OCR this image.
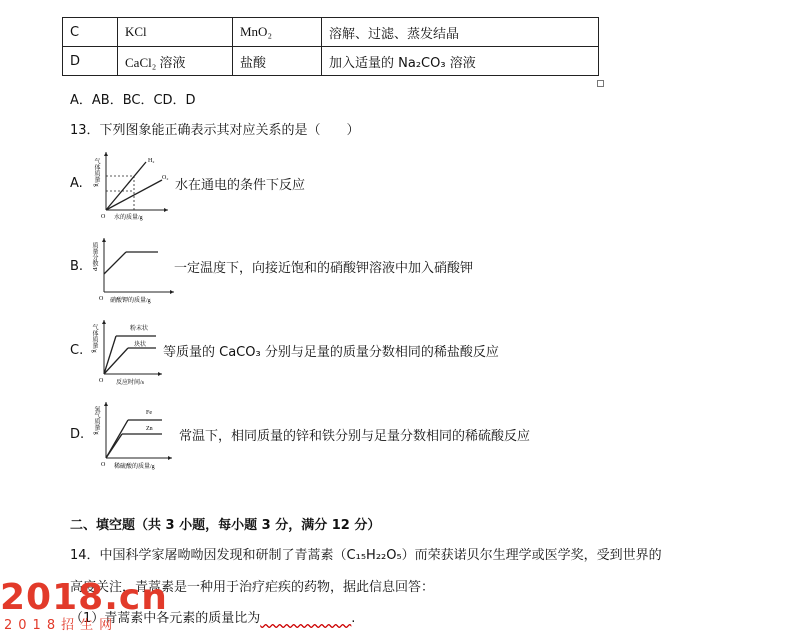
C	KCl	MnO₂	溶解、过滤、蒸发结晶
D	CaCl₂ 溶液	盐酸	加入适量的 Na₂CO₃ 溶液
A．AB．BC．CD．D
13．下列图象能正确表示其对应关系的是（　　）
A.
H₂
O₂
气体质量/g
O 水的质量/g
水在通电的条件下反应
B. 质量分数/P
O 硝酸钾的质量/g
一定温度下，向接近饱和的硝酸钾溶液中加入硝酸钾
C.
粉末状
块状
气体质量/g
O 反应时间/s
等质量的 CaCO₃ 分别与足量的质量分数相同的稀盐酸反应
D.
Fe
Zn
氢气质量/g
O 稀硫酸的质量/g
常温下，相同质量的锌和铁分别与足量分数相同的稀硫酸反应
二、填空题（共 3 小题，每小题 3 分，满分 12 分）
14．中国科学家屠呦呦因发现和研制了青蒿素（C₁₅H₂₂O₅）而荣获诺贝尔生理学或医学奖，受到世界的
高度关注，青蒿素是一种用于治疗疟疾的药物，据此信息回答：
（1）青蒿素中各元素的质量比为　　　　　　　	.
2018.cn
2018招生网
